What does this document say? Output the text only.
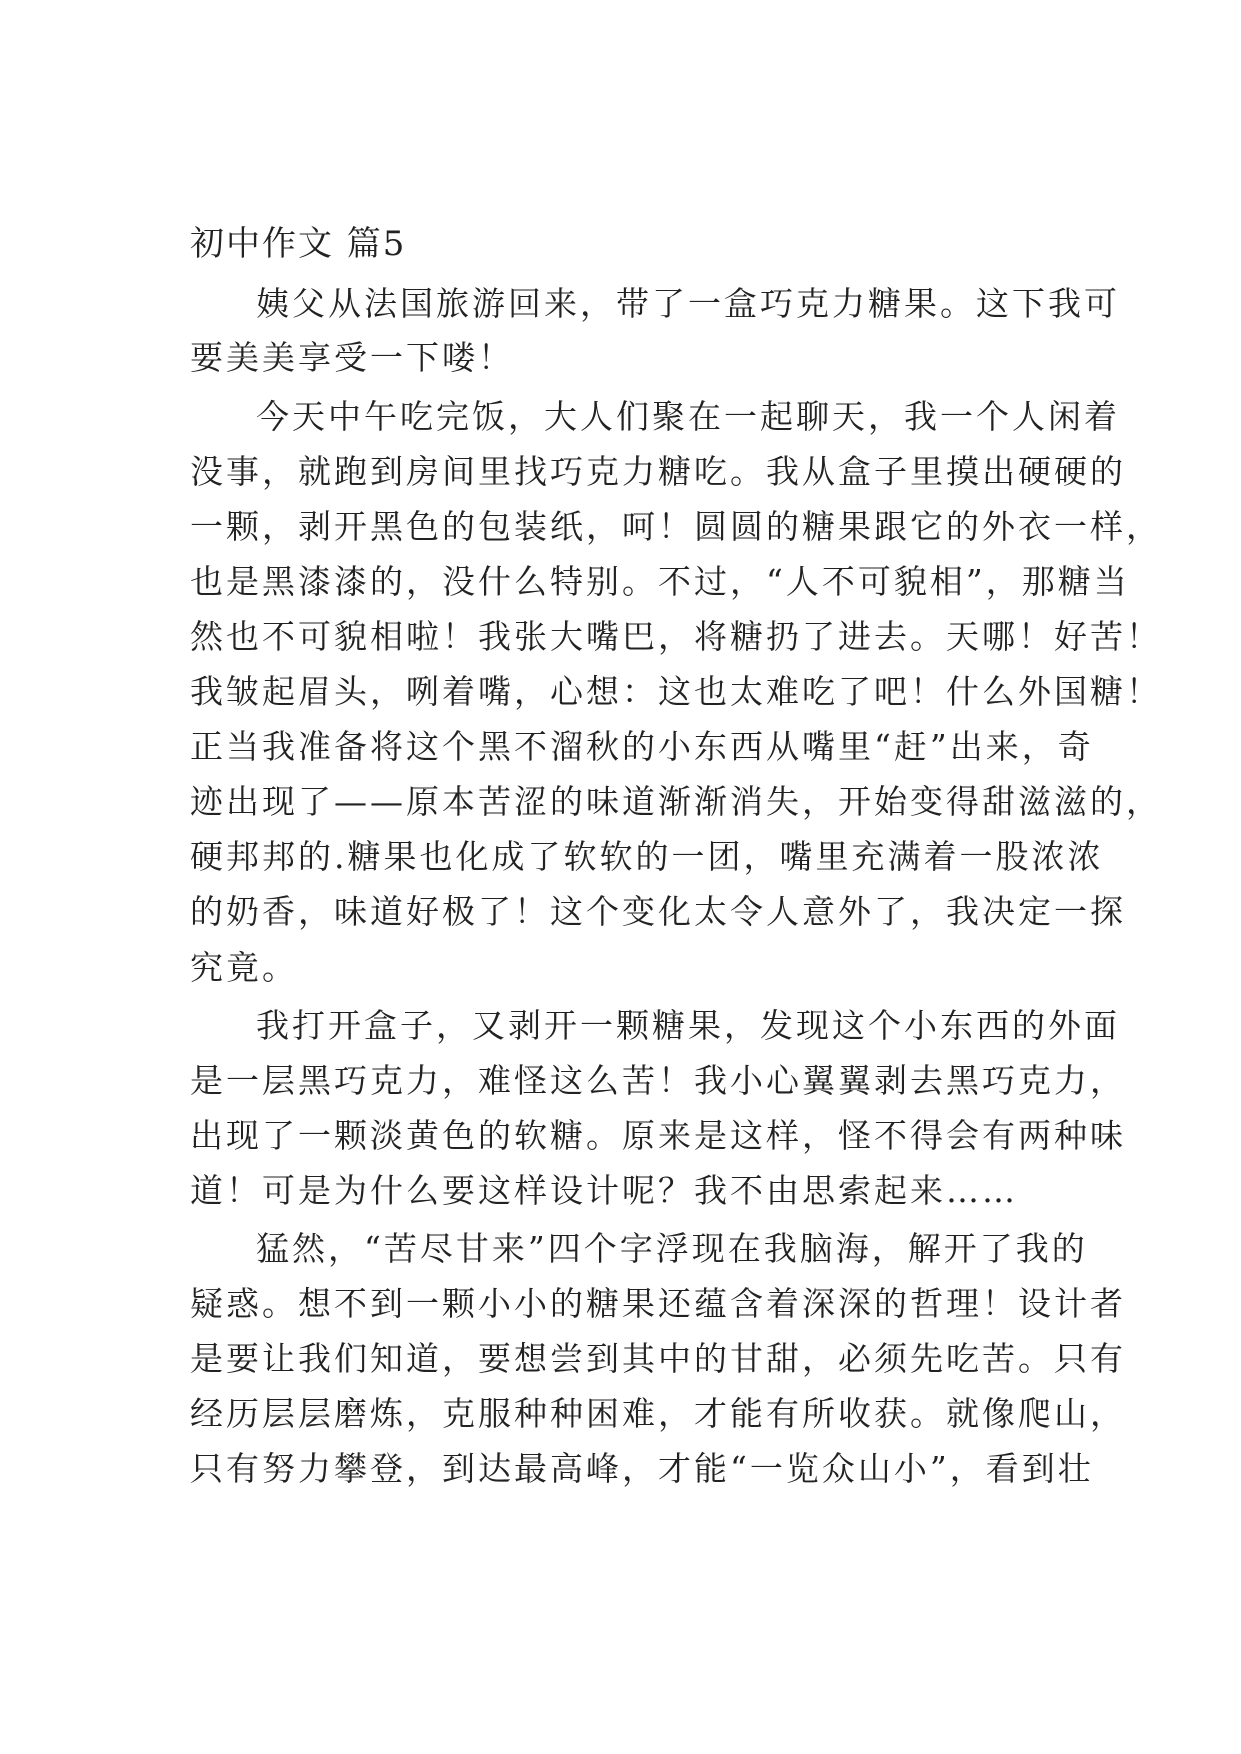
初中作文 篇5
姨父从法国旅游回来，带了一盒巧克力糖果。这下我可
要美美享受一下喽！
今天中午吃完饭，大人们聚在一起聊天，我一个人闲着
没事，就跑到房间里找巧克力糖吃。我从盒子里摸出硬硬的
一颗，剥开黑色的包装纸，呵！圆圆的糖果跟它的外衣一样，
也是黑漆漆的，没什么特别。不过，“人不可貌相”，那糖当
然也不可貌相啦！我张大嘴巴，将糖扔了进去。天哪！好苦！
我皱起眉头，咧着嘴，心想：这也太难吃了吧！什么外国糖！
正当我准备将这个黑不溜秋的小东西从嘴里“赶”出来，奇
迹出现了——原本苦涩的味道渐渐消失，开始变得甜滋滋的，
硬邦邦的.糖果也化成了软软的一团，嘴里充满着一股浓浓
的奶香，味道好极了！这个变化太令人意外了，我决定一探
究竟。
我打开盒子，又剥开一颗糖果，发现这个小东西的外面
是一层黑巧克力，难怪这么苦！我小心翼翼剥去黑巧克力，
出现了一颗淡黄色的软糖。原来是这样，怪不得会有两种味
道！可是为什么要这样设计呢？我不由思索起来……
猛然，“苦尽甘来”四个字浮现在我脑海，解开了我的
疑惑。想不到一颗小小的糖果还蕴含着深深的哲理！设计者
是要让我们知道，要想尝到其中的甘甜，必须先吃苦。只有
经历层层磨炼，克服种种困难，才能有所收获。就像爬山，
只有努力攀登，到达最高峰，才能“一览众山小”，看到壮
